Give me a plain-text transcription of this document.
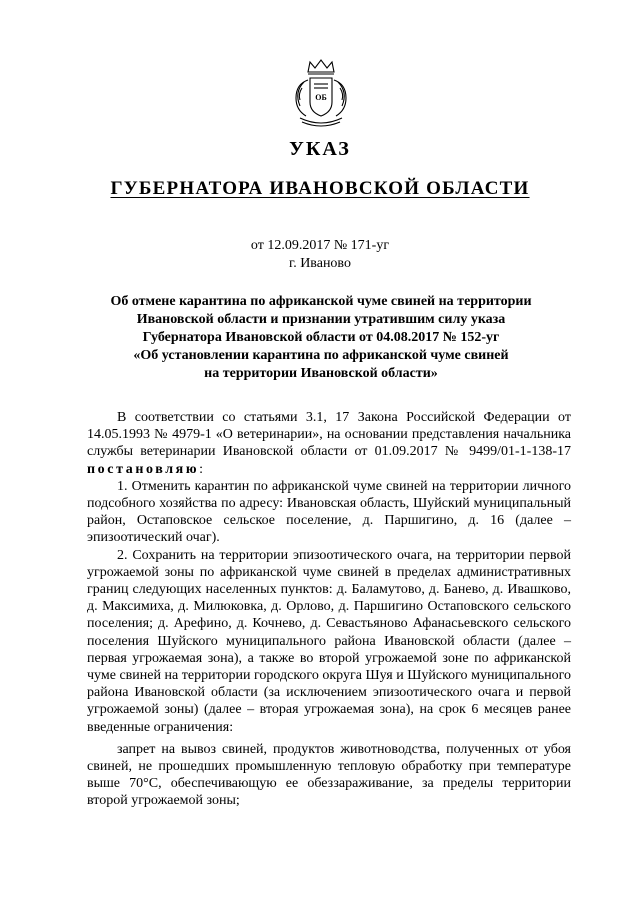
ОБ
УКАЗ
ГУБЕРНАТОРА ИВАНОВСКОЙ ОБЛАСТИ
от 12.09.2017 № 171-уг
г. Иваново
Об отмене карантина по африканской чуме свиней на территории
Ивановской области и признании утратившим силу указа
Губернатора Ивановской области от 04.08.2017 № 152-уг
«Об установлении карантина по африканской чуме свиней
на территории Ивановской области»

В соответствии со статьями 3.1, 17 Закона Российской Федерации от 14.05.1993 № 4979-1 «О ветеринарии», на основании представления начальника службы ветеринарии Ивановской области от 01.09.2017 № 9499/01-1-138-17 постановляю:

1. Отменить карантин по африканской чуме свиней на территории личного подсобного хозяйства по адресу: Ивановская область, Шуйский муниципальный район, Остаповское сельское поселение, д. Паршигино, д. 16 (далее – эпизоотический очаг).

2. Сохранить на территории эпизоотического очага, на территории первой угрожаемой зоны по африканской чуме свиней в пределах административных границ следующих населенных пунктов: д. Баламутово, д. Банево, д. Ивашково, д. Максимиха, д. Милюковка, д. Орлово, д. Паршигино Остаповского сельского поселения; д. Арефино, д. Кочнево, д. Севастьяново Афанасьевского сельского поселения Шуйского муниципального района Ивановской области (далее – первая угрожаемая зона), а также во второй угрожаемой зоне по африканской чуме свиней на территории городского округа Шуя и Шуйского муниципального района Ивановской области (за исключением эпизоотического очага и первой угрожаемой зоны) (далее – вторая угрожаемая зона), на срок 6 месяцев ранее введенные ограничения:

запрет на вывоз свиней, продуктов животноводства, полученных от убоя свиней, не прошедших промышленную тепловую обработку при температуре выше 70°С, обеспечивающую ее обеззараживание, за пределы территории второй угрожаемой зоны;
